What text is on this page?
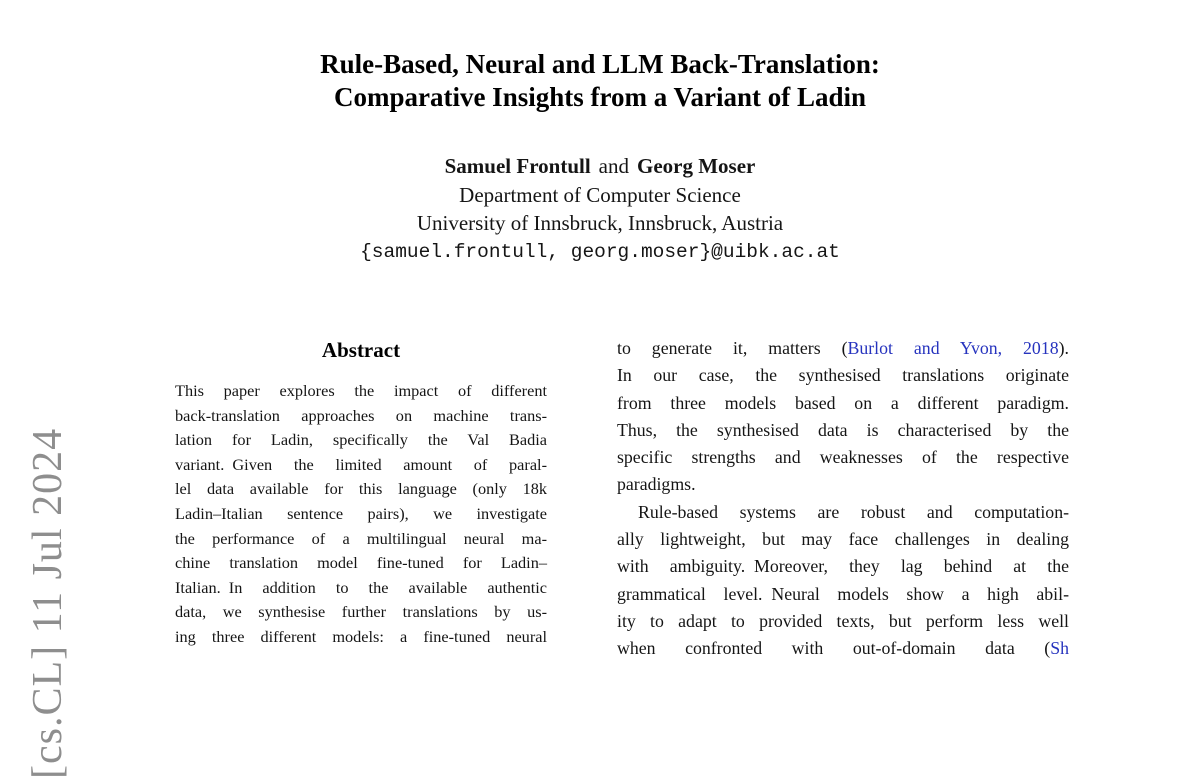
[cs.CL] 11 Jul 2024
Rule-Based, Neural and LLM Back-Translation:
Comparative Insights from a Variant of Ladin
Samuel Frontull and Georg Moser
Department of Computer Science
University of Innsbruck, Innsbruck, Austria
{samuel.frontull, georg.moser}@uibk.ac.at
Abstract
This paper explores the impact of different
back-translation approaches on machine trans-
lation for Ladin, specifically the Val Badia
variant. Given the limited amount of paral-
lel data available for this language (only 18k
Ladin–Italian sentence pairs), we investigate
the performance of a multilingual neural ma-
chine translation model fine-tuned for Ladin–
Italian. In addition to the available authentic
data, we synthesise further translations by us-
ing three different models: a fine-tuned neural
to generate it, matters (Burlot and Yvon, 2018).
In our case, the synthesised translations originate
from three models based on a different paradigm.
Thus, the synthesised data is characterised by the
specific strengths and weaknesses of the respective
paradigms.
Rule-based systems are robust and computation-
ally lightweight, but may face challenges in dealing
with ambiguity. Moreover, they lag behind at the
grammatical level. Neural models show a high abil-
ity to adapt to provided texts, but perform less well
when confronted with out-of-domain data (Sh
